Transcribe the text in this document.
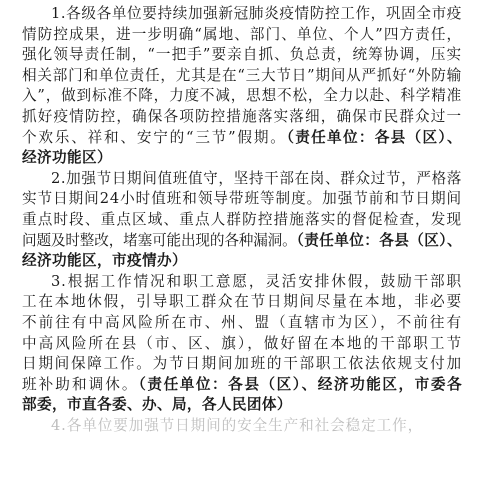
1.各级各单位要持续加强新冠肺炎疫情防控工作，巩固全市疫
情防控成果，进一步明确“属地、部门、单位、个人”四方责任，
强化领导责任制，“一把手”要亲自抓、负总责，统筹协调，压实
相关部门和单位责任，尤其是在“三大节日”期间从严抓好“外防输
入”，做到标准不降，力度不减，思想不松，全力以赴、科学精准
抓好疫情防控，确保各项防控措施落实落细，确保市民群众过一
个欢乐、祥和、安宁的“三节”假期。（责任单位：各县（区）、
经济功能区）
2.加强节日期间值班值守，坚持干部在岗、群众过节，严格落
实节日期间24小时值班和领导带班等制度。加强节前和节日期间
重点时段、重点区域、重点人群防控措施落实的督促检查，发现
问题及时整改，堵塞可能出现的各种漏洞。（责任单位：各县（区）、
经济功能区，市疫情办）
3.根据工作情况和职工意愿，灵活安排休假，鼓励干部职
工在本地休假，引导职工群众在节日期间尽量在本地，非必要
不前往有中高风险所在市、州、盟（直辖市为区），不前往有
中高风险所在县（市、区、旗），做好留在本地的干部职工节
日期间保障工作。为节日期间加班的干部职工依法依规支付加
班补助和调休。（责任单位：各县（区）、经济功能区，市委各
部委，市直各委、办、局，各人民团体）
4.各单位要加强节日期间的安全生产和社会稳定工作，
